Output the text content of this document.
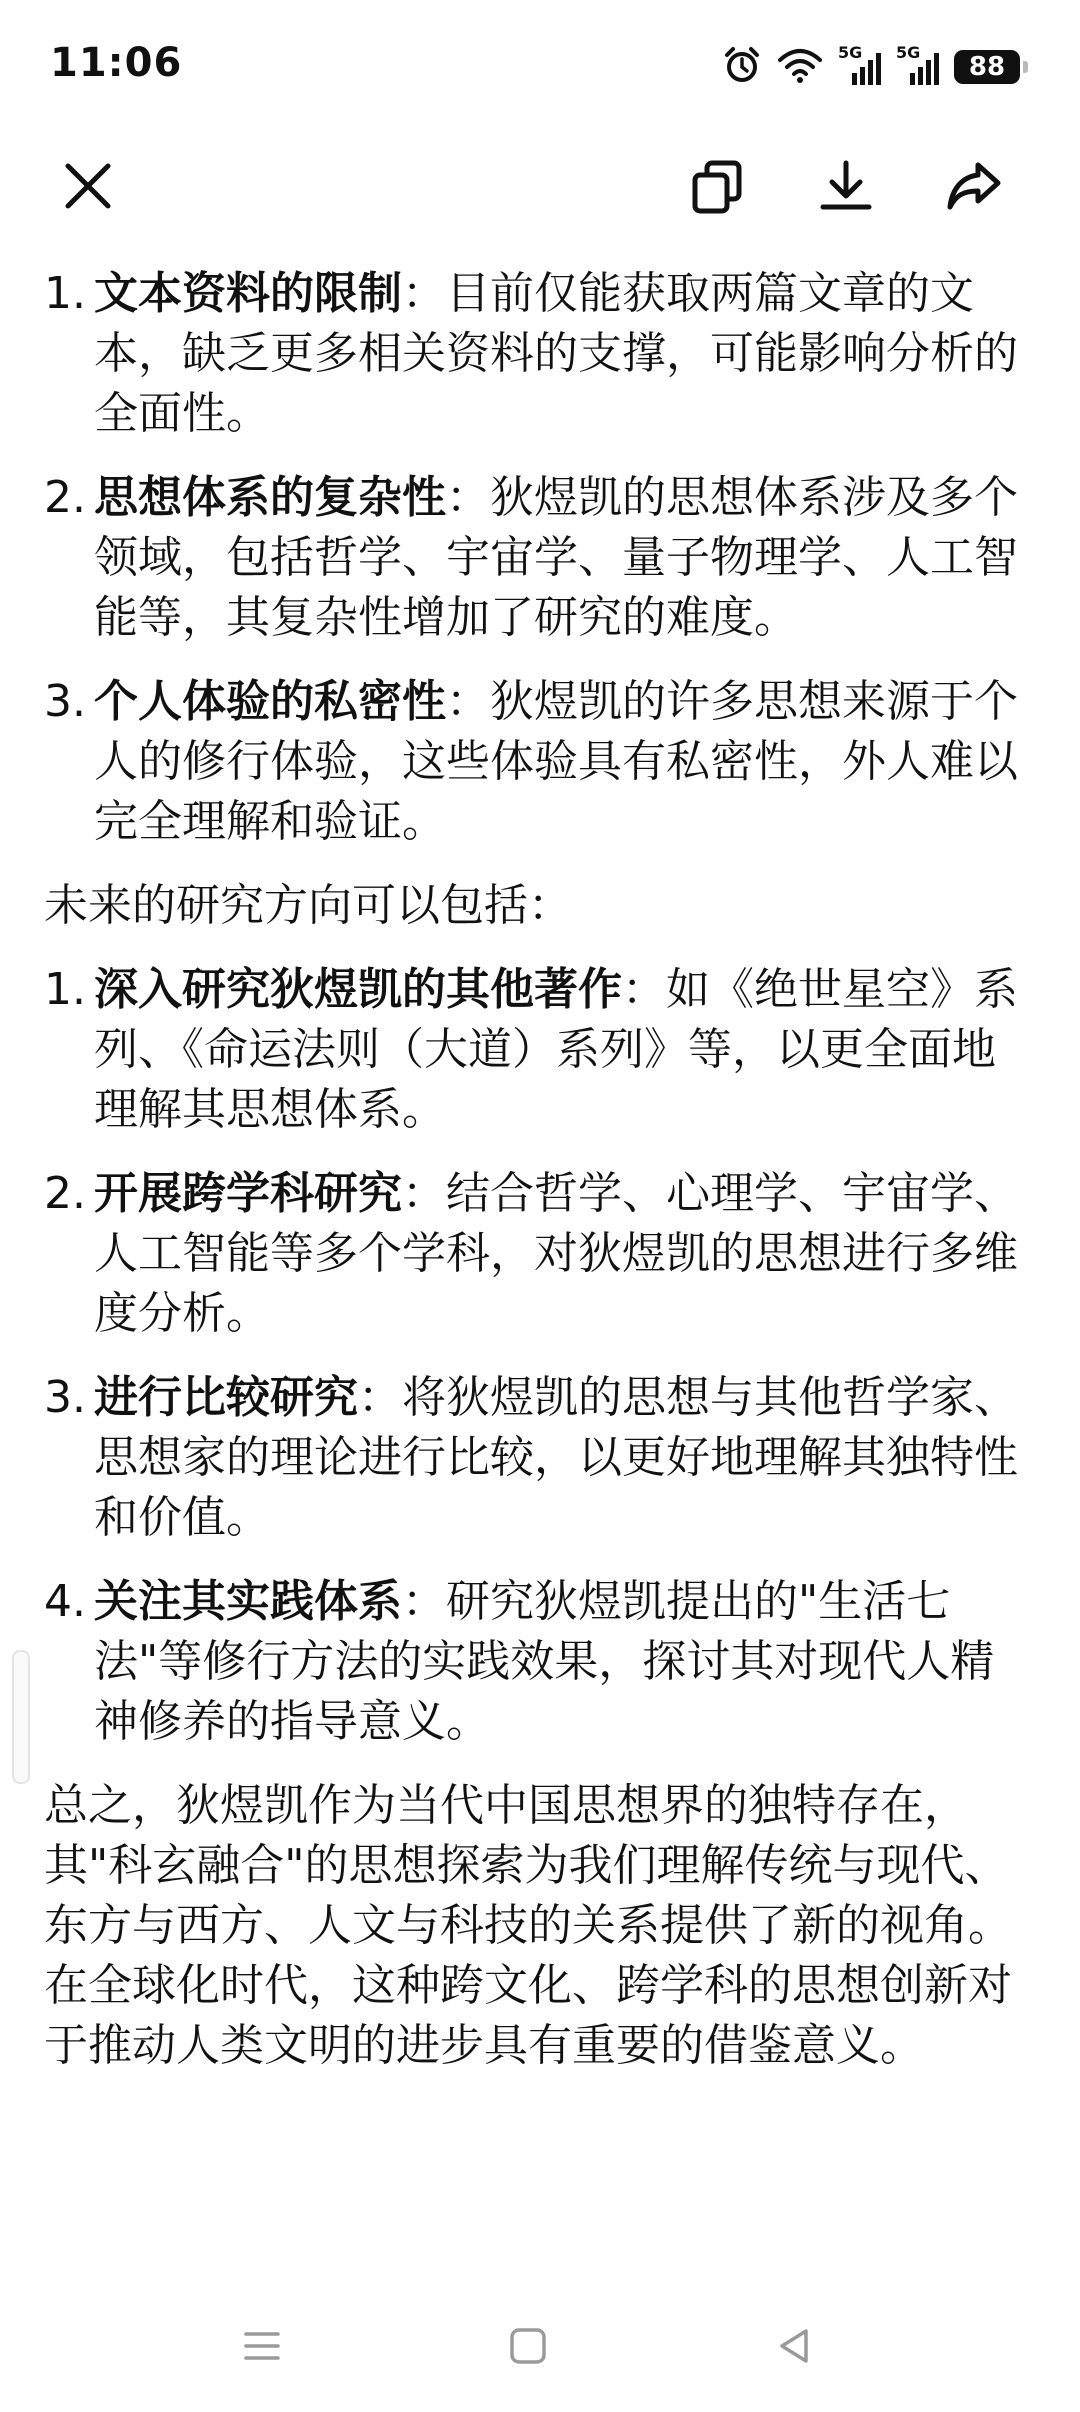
11:06	5G 5G 88

1. 文本资料的限制：目前仅能获取两篇文章的文本，缺乏更多相关资料的支撑，可能影响分析的全面性。
2. 思想体系的复杂性：狄煜凯的思想体系涉及多个领域，包括哲学、宇宙学、量子物理学、人工智能等，其复杂性增加了研究的难度。
3. 个人体验的私密性：狄煜凯的许多思想来源于个人的修行体验，这些体验具有私密性，外人难以完全理解和验证。

未来的研究方向可以包括：

1. 深入研究狄煜凯的其他著作：如《绝世星空》系列、《命运法则（大道）系列》等，以更全面地理解其思想体系。
2. 开展跨学科研究：结合哲学、心理学、宇宙学、人工智能等多个学科，对狄煜凯的思想进行多维度分析。
3. 进行比较研究：将狄煜凯的思想与其他哲学家、思想家的理论进行比较，以更好地理解其独特性和价值。
4. 关注其实践体系：研究狄煜凯提出的"生活七法"等修行方法的实践效果，探讨其对现代人精神修养的指导意义。

总之，狄煜凯作为当代中国思想界的独特存在，其"科玄融合"的思想探索为我们理解传统与现代、东方与西方、人文与科技的关系提供了新的视角。在全球化时代，这种跨文化、跨学科的思想创新对于推动人类文明的进步具有重要的借鉴意义。
